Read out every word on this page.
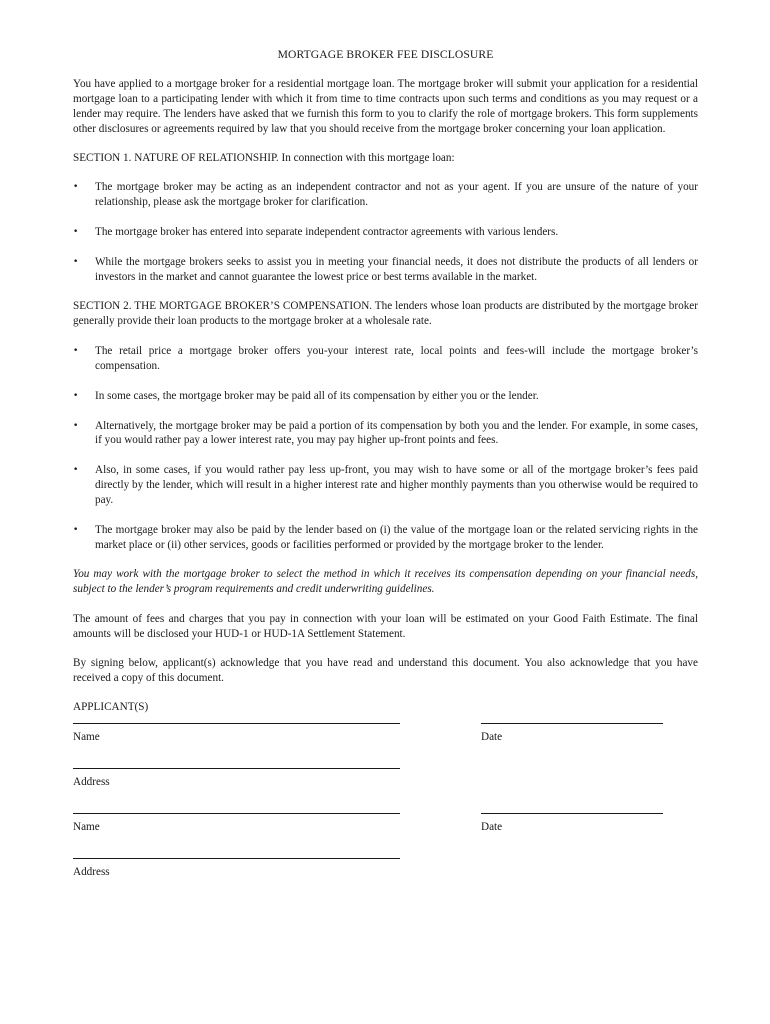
MORTGAGE BROKER FEE DISCLOSURE

You have applied to a mortgage broker for a residential mortgage loan. The mortgage broker will submit your application for a residential mortgage loan to a participating lender with which it from time to time contracts upon such terms and conditions as you may request or a lender may require. The lenders have asked that we furnish this form to you to clarify the role of mortgage brokers. This form supplements other disclosures or agreements required by law that you should receive from the mortgage broker concerning your loan application.

SECTION 1. NATURE OF RELATIONSHIP. In connection with this mortgage loan:

•	The mortgage broker may be acting as an independent contractor and not as your agent. If you are unsure of the nature of your relationship, please ask the mortgage broker for clarification.
•	The mortgage broker has entered into separate independent contractor agreements with various lenders.
•	While the mortgage brokers seeks to assist you in meeting your financial needs, it does not distribute the products of all lenders or investors in the market and cannot guarantee the lowest price or best terms available in the market.

SECTION 2. THE MORTGAGE BROKER’S COMPENSATION. The lenders whose loan products are distributed by the mortgage broker generally provide their loan products to the mortgage broker at a wholesale rate.

•	The retail price a mortgage broker offers you-your interest rate, local points and fees-will include the mortgage broker’s compensation.
•	In some cases, the mortgage broker may be paid all of its compensation by either you or the lender.
•	Alternatively, the mortgage broker may be paid a portion of its compensation by both you and the lender. For example, in some cases, if you would rather pay a lower interest rate, you may pay higher up-front points and fees.
•	Also, in some cases, if you would rather pay less up-front, you may wish to have some or all of the mortgage broker’s fees paid directly by the lender, which will result in a higher interest rate and higher monthly payments than you otherwise would be required to pay.
•	The mortgage broker may also be paid by the lender based on (i) the value of the mortgage loan or the related servicing rights in the market place or (ii) other services, goods or facilities performed or provided by the mortgage broker to the lender.

You may work with the mortgage broker to select the method in which it receives its compensation depending on your financial needs, subject to the lender’s program requirements and credit underwriting guidelines.

The amount of fees and charges that you pay in connection with your loan will be estimated on your Good Faith Estimate. The final amounts will be disclosed your HUD-1 or HUD-1A Settlement Statement.

By signing below, applicant(s) acknowledge that you have read and understand this document. You also acknowledge that you have received a copy of this document.

APPLICANT(S)
Name	Date
Address
Name	Date
Address
